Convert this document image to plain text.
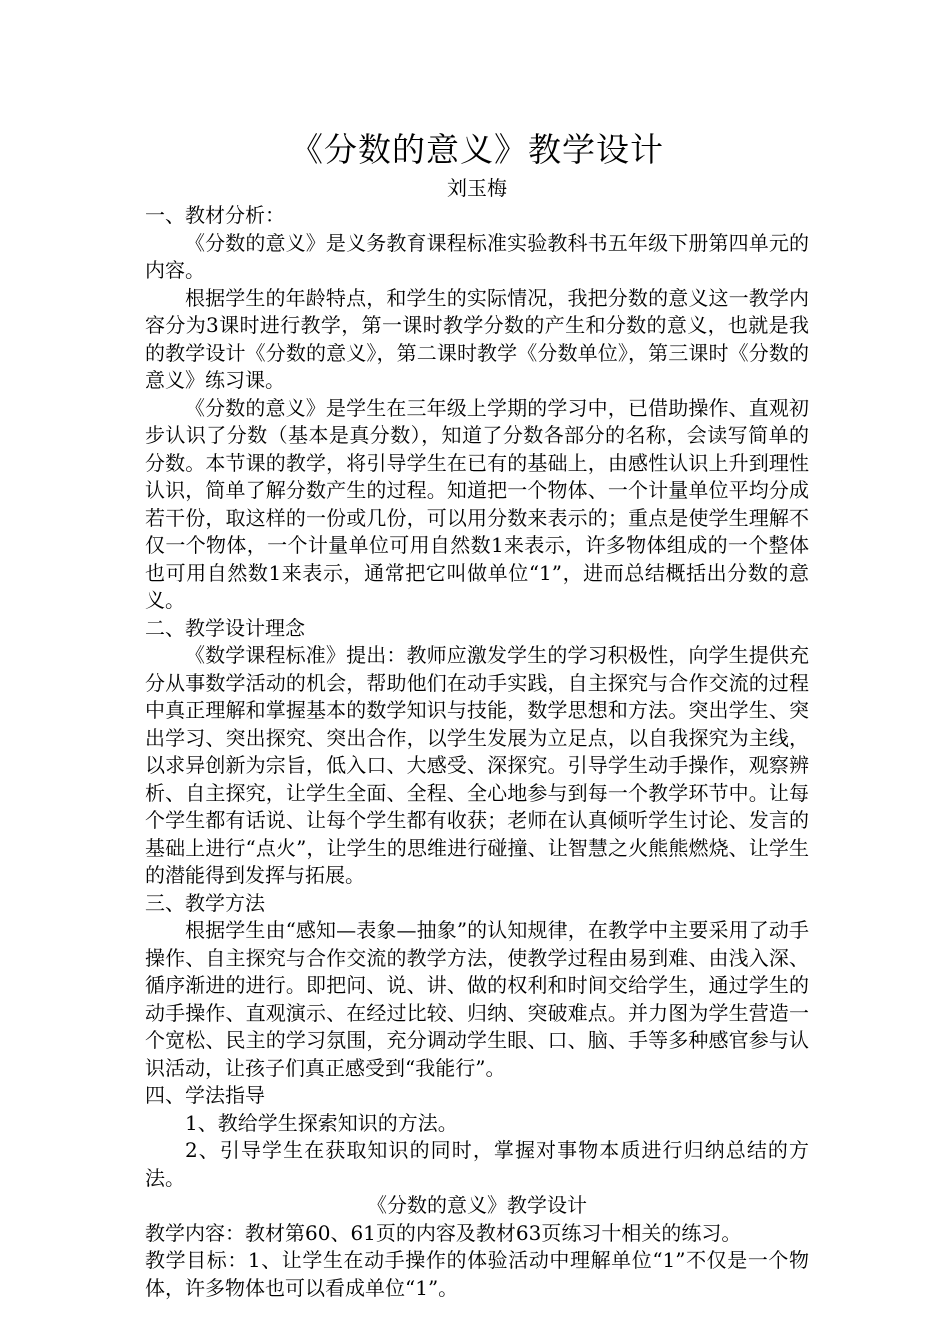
《分数的意义》教学设计

刘玉梅

一、教材分析：

《分数的意义》是义务教育课程标准实验教科书五年级下册第四单元的内容。

根据学生的年龄特点，和学生的实际情况，我把分数的意义这一教学内容分为3课时进行教学，第一课时教学分数的产生和分数的意义，也就是我的教学设计《分数的意义》，第二课时教学《分数单位》，第三课时《分数的意义》练习课。

《分数的意义》是学生在三年级上学期的学习中，已借助操作、直观初步认识了分数（基本是真分数），知道了分数各部分的名称，会读写简单的分数。本节课的教学，将引导学生在已有的基础上，由感性认识上升到理性认识，简单了解分数产生的过程。知道把一个物体、一个计量单位平均分成若干份，取这样的一份或几份，可以用分数来表示的；重点是使学生理解不仅一个物体，一个计量单位可用自然数1来表示，许多物体组成的一个整体也可用自然数1来表示，通常把它叫做单位“1”，进而总结概括出分数的意义。

二、教学设计理念

《数学课程标准》提出：教师应激发学生的学习积极性，向学生提供充分从事数学活动的机会，帮助他们在动手实践，自主探究与合作交流的过程中真正理解和掌握基本的数学知识与技能，数学思想和方法。突出学生、突出学习、突出探究、突出合作，以学生发展为立足点，以自我探究为主线，以求异创新为宗旨，低入口、大感受、深探究。引导学生动手操作，观察辨析、自主探究，让学生全面、全程、全心地参与到每一个教学环节中。让每个学生都有话说、让每个学生都有收获；老师在认真倾听学生讨论、发言的基础上进行“点火”，让学生的思维进行碰撞、让智慧之火熊熊燃烧、让学生的潜能得到发挥与拓展。

三、教学方法

根据学生由“感知—表象—抽象”的认知规律，在教学中主要采用了动手操作、自主探究与合作交流的教学方法，使教学过程由易到难、由浅入深、循序渐进的进行。即把问、说、讲、做的权利和时间交给学生，通过学生的动手操作、直观演示、在经过比较、归纳、突破难点。并力图为学生营造一个宽松、民主的学习氛围，充分调动学生眼、口、脑、手等多种感官参与认识活动，让孩子们真正感受到“我能行”。

四、学法指导

1、教给学生探索知识的方法。

2、引导学生在获取知识的同时，掌握对事物本质进行归纳总结的方法。

《分数的意义》教学设计

教学内容：教材第60、61页的内容及教材63页练习十相关的练习。

教学目标：1、让学生在动手操作的体验活动中理解单位“1”不仅是一个物体，许多物体也可以看成单位“1”。
